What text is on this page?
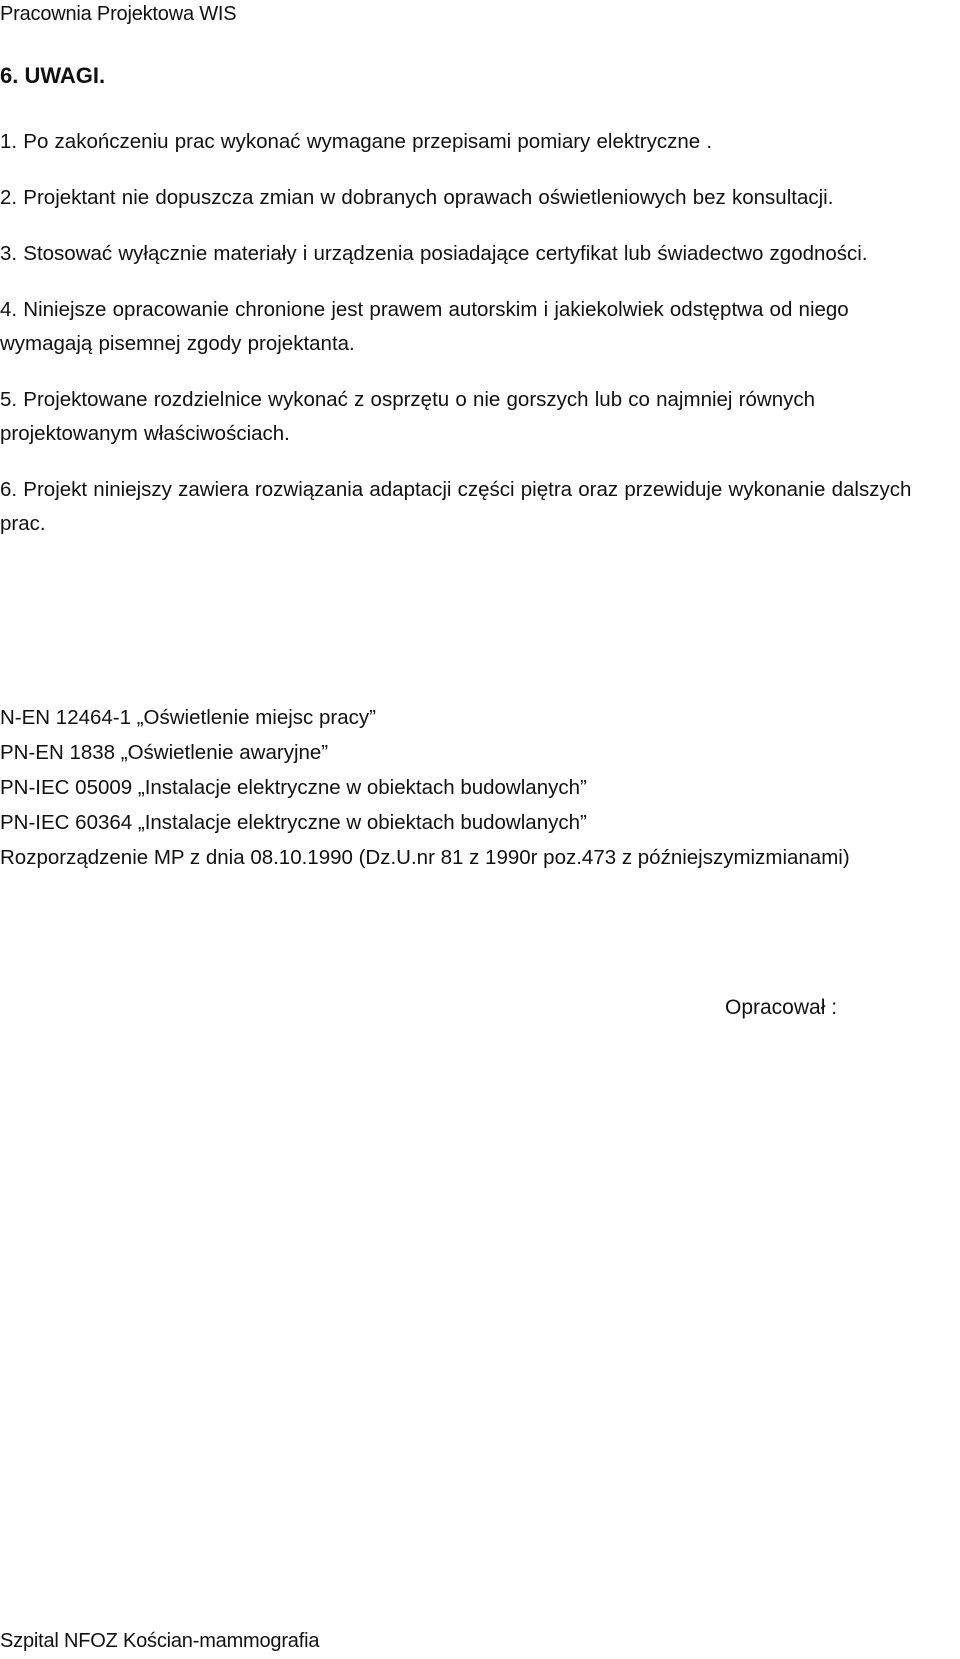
Pracownia Projektowa WIS
6. UWAGI.
1. Po zakończeniu prac wykonać wymagane przepisami pomiary elektryczne .
2. Projektant nie dopuszcza zmian w dobranych oprawach oświetleniowych bez konsultacji.
3. Stosować wyłącznie materiały i urządzenia posiadające certyfikat lub świadectwo zgodności.
4. Niniejsze opracowanie chronione jest prawem autorskim i jakiekolwiek odstęptwa od niego wymagają pisemnej zgody projektanta.
5. Projektowane rozdzielnice wykonać z osprzętu o nie gorszych lub co najmniej równych projektowanym właściwościach.
6. Projekt niniejszy zawiera rozwiązania adaptacji części piętra oraz przewiduje wykonanie dalszych prac.
N-EN 12464-1 „Oświetlenie miejsc pracy”
PN-EN 1838 „Oświetlenie awaryjne”
PN-IEC 05009 „Instalacje elektryczne w obiektach budowlanych”
PN-IEC 60364 „Instalacje elektryczne w obiektach budowlanych”
Rozporządzenie MP z dnia 08.10.1990 (Dz.U.nr 81 z 1990r poz.473 z późniejszymizmianami)
Opracował :
Szpital NFOZ Kościan-mammografia
